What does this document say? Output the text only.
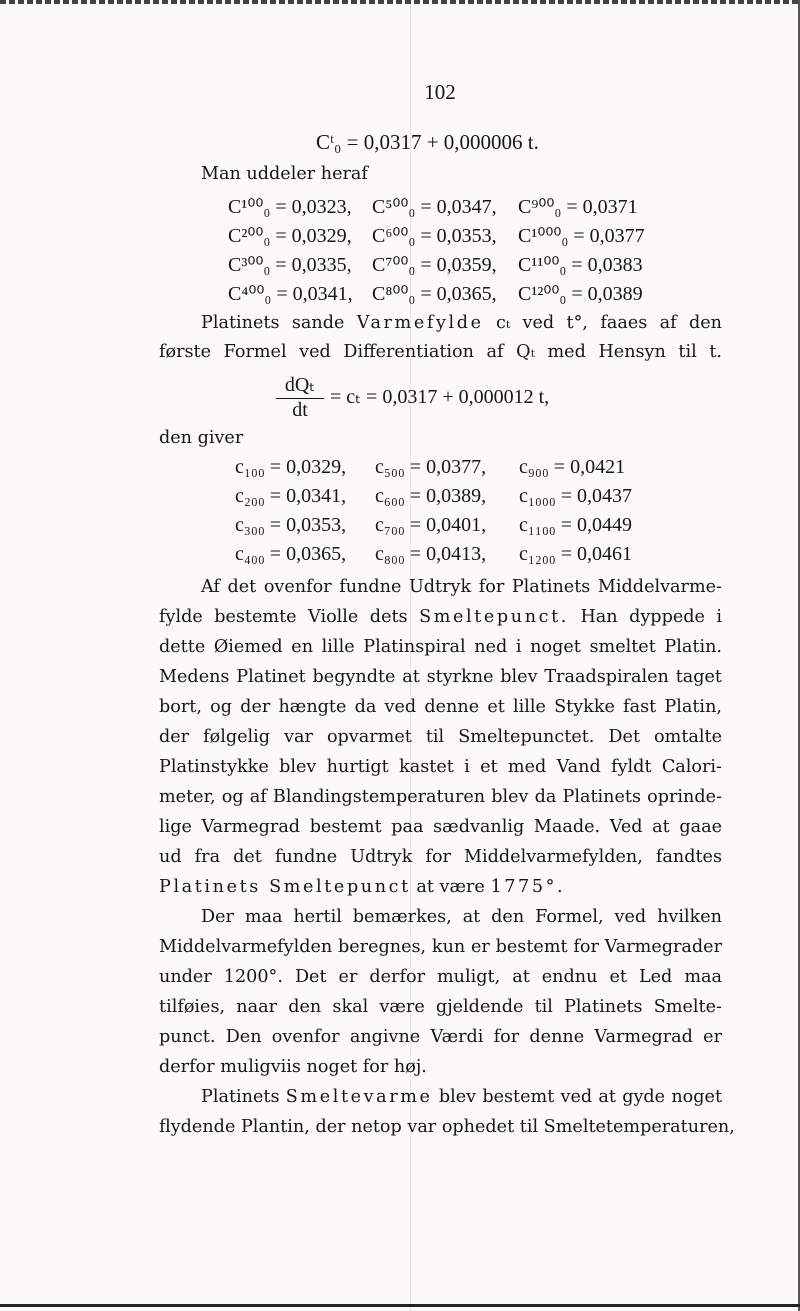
102
Cᵗ₀ = 0,0317 + 0,000006 t.
Man uddeler heraf
C¹⁰⁰₀ = 0,0323, C⁵⁰⁰₀ = 0,0347, C⁹⁰⁰₀ = 0,0371
C²⁰⁰₀ = 0,0329, C⁶⁰⁰₀ = 0,0353, C¹⁰⁰⁰₀ = 0,0377
C³⁰⁰₀ = 0,0335, C⁷⁰⁰₀ = 0,0359, C¹¹⁰⁰₀ = 0,0383
C⁴⁰⁰₀ = 0,0341, C⁸⁰⁰₀ = 0,0365, C¹²⁰⁰₀ = 0,0389
Platinets sande Varmefylde cₜ ved t°, faaes af den
første Formel ved Differentiation af Qₜ med Hensyn til t.
dQₜ
dt
= cₜ = 0,0317 + 0,000012 t,
den giver
c₁₀₀ = 0,0329, c₅₀₀ = 0,0377, c₉₀₀ = 0,0421
c₂₀₀ = 0,0341, c₆₀₀ = 0,0389, c₁₀₀₀ = 0,0437
c₃₀₀ = 0,0353, c₇₀₀ = 0,0401, c₁₁₀₀ = 0,0449
c₄₀₀ = 0,0365, c₈₀₀ = 0,0413, c₁₂₀₀ = 0,0461
Af det ovenfor fundne Udtryk for Platinets Middelvarme-
fylde bestemte Violle dets Smeltepunct. Han dyppede i
dette Øiemed en lille Platinspiral ned i noget smeltet Platin.
Medens Platinet begyndte at styrkne blev Traadspiralen taget
bort, og der hængte da ved denne et lille Stykke fast Platin,
der følgelig var opvarmet til Smeltepunctet. Det omtalte
Platinstykke blev hurtigt kastet i et med Vand fyldt Calori-
meter, og af Blandingstemperaturen blev da Platinets oprinde-
lige Varmegrad bestemt paa sædvanlig Maade. Ved at gaae
ud fra det fundne Udtryk for Middelvarmefylden, fandtes
Platinets Smeltepunct at være 1775°.
Der maa hertil bemærkes, at den Formel, ved hvilken
Middelvarmefylden beregnes, kun er bestemt for Varmegrader
under 1200°. Det er derfor muligt, at endnu et Led maa
tilføies, naar den skal være gjeldende til Platinets Smelte-
punct. Den ovenfor angivne Værdi for denne Varmegrad er
derfor muligviis noget for høj.
Platinets Smeltevarme blev bestemt ved at gyde noget
flydende Plantin, der netop var ophedet til Smeltetemperaturen,
